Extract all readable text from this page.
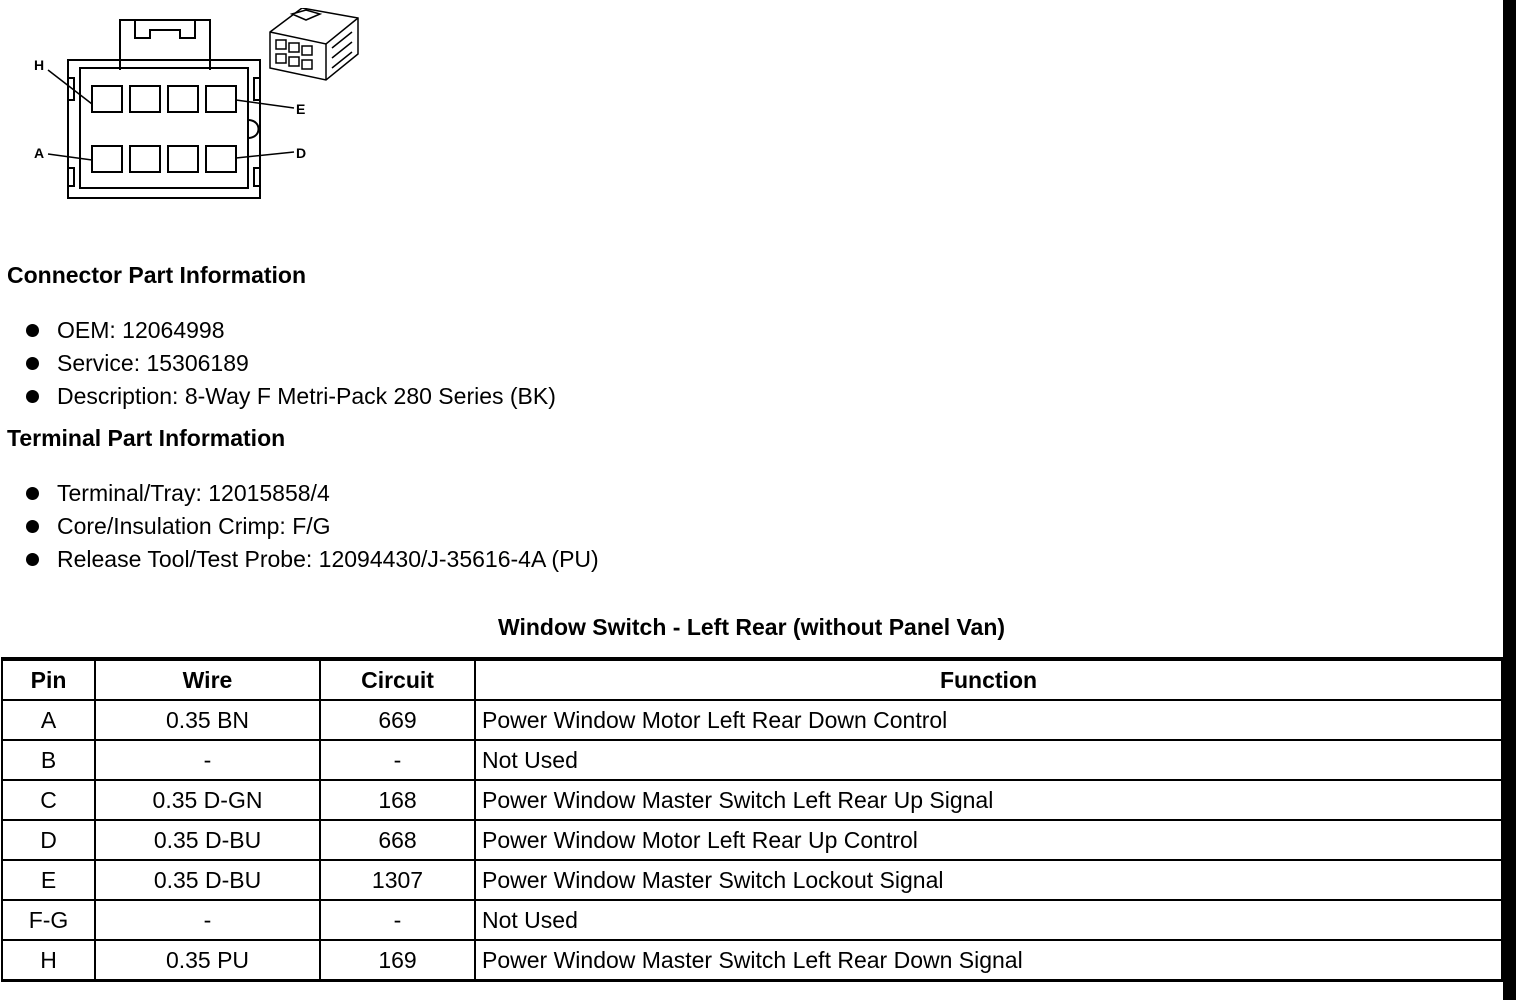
H
E
A	D
Connector Part Information
OEM: 12064998
Service: 15306189
Description: 8-Way F Metri-Pack 280 Series (BK)
Terminal Part Information
Terminal/Tray: 12015858/4
Core/Insulation Crimp: F/G
Release Tool/Test Probe: 12094430/J-35616-4A (PU)
Window Switch - Left Rear (without Panel Van)
Pin	Wire	Circuit	Function
A	0.35 BN	669	Power Window Motor Left Rear Down Control
B	-	-	Not Used
C	0.35 D-GN	168	Power Window Master Switch Left Rear Up Signal
D	0.35 D-BU	668	Power Window Motor Left Rear Up Control
E	0.35 D-BU	1307	Power Window Master Switch Lockout Signal
F-G	-	-	Not Used
H	0.35 PU	169	Power Window Master Switch Left Rear Down Signal
